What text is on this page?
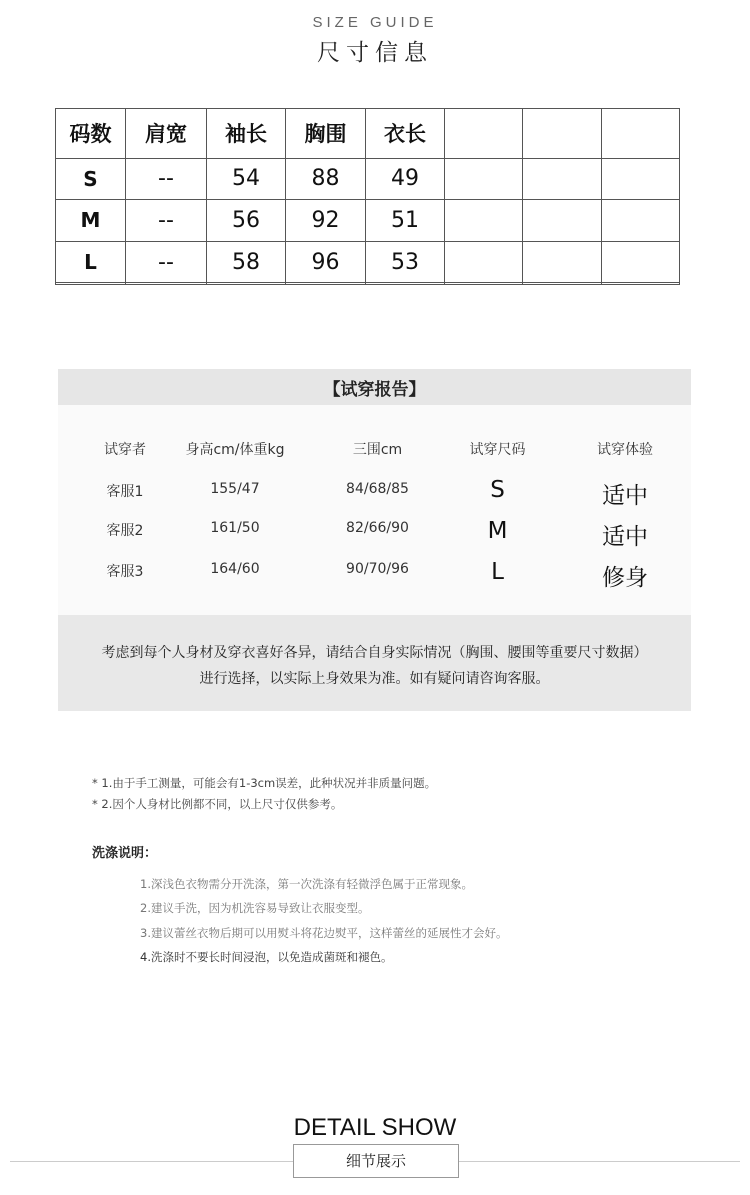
SIZE GUIDE
尺寸信息
码数	肩宽	袖长	胸围	衣长			
S	--	54	88	49			
M	--	56	92	51			
L	--	58	96	53			

【试穿报告】
试穿者	身高cm/体重kg	三围cm	试穿尺码	试穿体验
客服1	155/47	84/68/85	S	适中
客服2	161/50	82/66/90	M	适中
客服3	164/60	90/70/96	L	修身
考虑到每个人身材及穿衣喜好各异，请结合自身实际情况（胸围、腰围等重要尺寸数据）
进行选择，以实际上身效果为准。如有疑问请咨询客服。
* 1.由于手工测量，可能会有1-3cm误差，此种状况并非质量问题。
* 2.因个人身材比例都不同，以上尺寸仅供参考。
洗涤说明：
1.深浅色衣物需分开洗涤，第一次洗涤有轻微浮色属于正常现象。
2.建议手洗，因为机洗容易导致让衣服变型。
3.建议蕾丝衣物后期可以用熨斗将花边熨平，这样蕾丝的延展性才会好。
4.洗涤时不要长时间浸泡，以免造成菌斑和褪色。
DETAIL SHOW
细节展示
